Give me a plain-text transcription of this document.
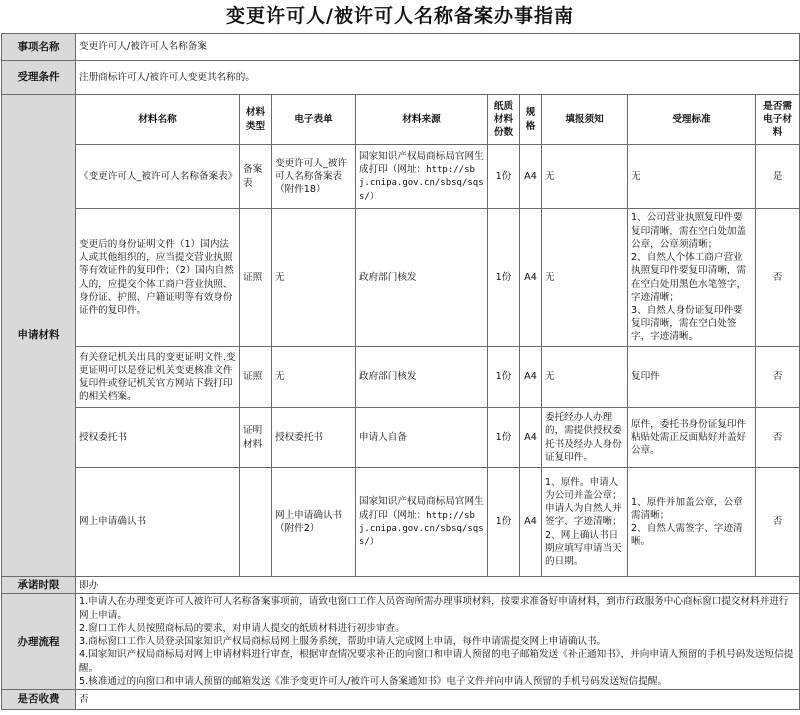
变更许可人/被许可人名称备案办事指南
事项名称	变更许可人/被许可人名称备案								
受理条件	注册商标许可人/被许可人变更其名称的。								
申请材料	材料名称	材料类型	电子表单	材料来源	纸质材料份数	规格	填报须知	受理标准	是否需电子材料
	《变更许可人_被许可人名称备案表》	备案表	变更许可人_被许可人名称备案表（附件18）	国家知识产权局商标局官网生成打印（网址：http://sbj.cnipa.gov.cn/sbsq/sqss/）	1份	A4	无	无	是
	变更后的身份证明文件（1）国内法人或其他组织的，应当提交营业执照等有效证件的复印件；（2）国内自然人的，应提交个体工商户营业执照、身份证、护照、户籍证明等有效身份证件的复印件。	证照	无	政府部门核发	1份	A4	无	1、公司营业执照复印件要复印清晰，需在空白处加盖公章，公章须清晰；
2、自然人个体工商户营业执照复印件要复印清晰，需在空白处用黑色水笔签字，字迹清晰；
3、自然人身份证复印件要复印清晰，需在空白处签字，字迹清晰。	否
	有关登记机关出具的变更证明文件.变更证明可以是登记机关变更核准文件复印件或登记机关官方网站下载打印的相关档案。	证照	无	政府部门核发	1份	A4	无	复印件	否
	授权委托书	证明材料	授权委托书	申请人自备	1份	A4	委托经办人办理的，需提供授权委托书及经办人身份证复印件。	原件，委托书身份证复印件粘贴处需正反面贴好并盖好公章。	否
	网上申请确认书		网上申请确认书（附件2）	国家知识产权局商标局官网生成打印（网址：http://sbj.cnipa.gov.cn/sbsq/sqss/）	1份	A4	1、原件。申请人为公司并盖公章；申请人为自然人并签字、字迹清晰；
2、网上确认书日期应填写申请当天的日期。	1、原件并加盖公章，公章需清晰；
2、自然人需签字、字迹清晰。	否
承诺时限	即办								
办理流程	1.申请人在办理变更许可人被许可人名称备案事项前，请致电窗口工作人员咨询所需办理事项材料，按要求准备好申请材料，到市行政服务中心商标窗口提交材料并进行网上申请。
2.窗口工作人员按照商标局的要求，对申请人提交的纸质材料进行初步审查。
3.商标窗口工作人员登录国家知识产权局商标局网上服务系统，帮助申请人完成网上申请，每件申请需提交网上申请确认书。
4.国家知识产权局商标局对网上申请材料进行审查，根据审查情况要求补正的向窗口和申请人预留的电子邮箱发送《补正通知书》，并向申请人预留的手机号码发送短信提醒。
5.核准通过的向窗口和申请人预留的邮箱发送《准予变更许可人/被许可人备案通知书》电子文件并向申请人预留的手机号码发送短信提醒。								

是否收费	否								
